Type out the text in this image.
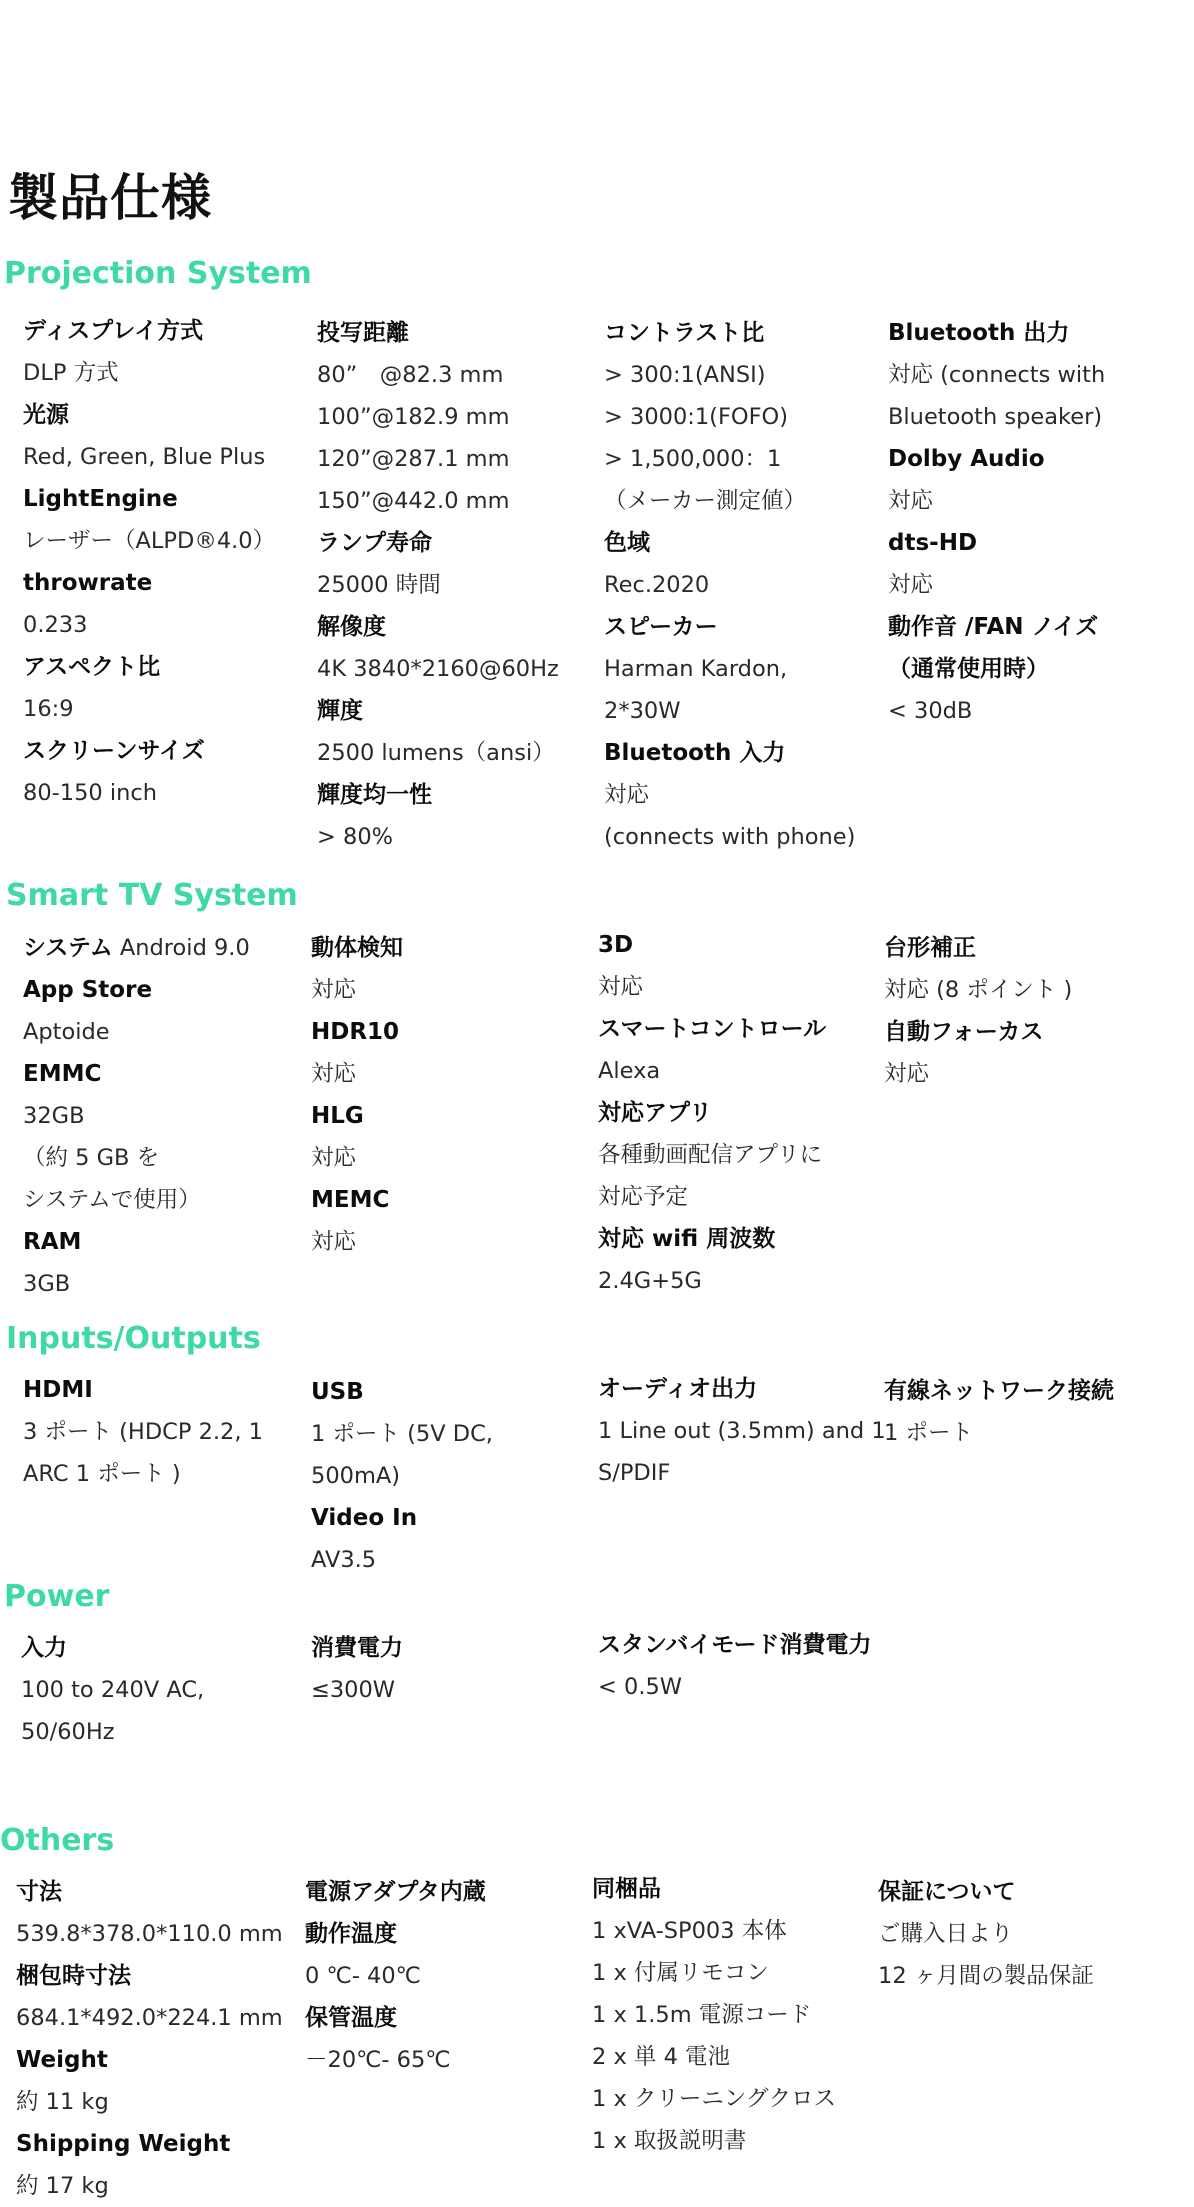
製品仕様
Projection System
Smart TV System
Inputs/Outputs
Power
Others
ディスプレイ方式
DLP 方式
光源
Red, Green, Blue Plus
LightEngine
レーザー（ALPD®4.0）
throwrate
0.233
アスペクト比
16:9
スクリーンサイズ
80-150 inch
投写距離
80”　@82.3 mm
100”@182.9 mm
120”@287.1 mm
150”@442.0 mm
ランプ寿命
25000 時間
解像度
4K 3840*2160@60Hz
輝度
2500 lumens（ansi）
輝度均一性
> 80%
コントラスト比
> 300:1(ANSI)
> 3000:1(FOFO)
> 1,500,000：1
（メーカー測定値）
色域
Rec.2020
スピーカー
Harman Kardon,
2*30W
Bluetooth 入力
対応
(connects with phone)
Bluetooth 出力
対応 (connects with
Bluetooth speaker)
Dolby Audio
対応
dts-HD
対応
動作音 /FAN ノイズ
（通常使用時）
< 30dB
システム Android 9.0
App Store
Aptoide
EMMC
32GB
（約 5 GB を
システムで使用）
RAM
3GB
動体検知
対応
HDR10
対応
HLG
対応
MEMC
対応
3D
対応
スマートコントロール
Alexa
対応アプリ
各種動画配信アプリに
対応予定
対応 wifi 周波数
2.4G+5G
台形補正
対応 (8 ポイント )
自動フォーカス
対応
HDMI
3 ポート (HDCP 2.2, 1
ARC 1 ポート )
USB
1 ポート (5V DC,
500mA)
Video In
AV3.5
オーディオ出力
1 Line out (3.5mm) and 1
S/PDIF
有線ネットワーク接続
1 ポート
入力
100 to 240V AC,
50/60Hz
消費電力
≤300W
スタンバイモード消費電力
< 0.5W
寸法
539.8*378.0*110.0 mm
梱包時寸法
684.1*492.0*224.1 mm
Weight
約 11 kg
Shipping Weight
約 17 kg
電源アダプタ内蔵
動作温度
0 ℃- 40℃
保管温度
－20℃- 65℃
同梱品
1 xVA-SP003 本体
1 x 付属リモコン
1 x 1.5m 電源コード
2 x 単 4 電池
1 x クリーニングクロス
1 x 取扱説明書
保証について
ご購入日より
12 ヶ月間の製品保証
